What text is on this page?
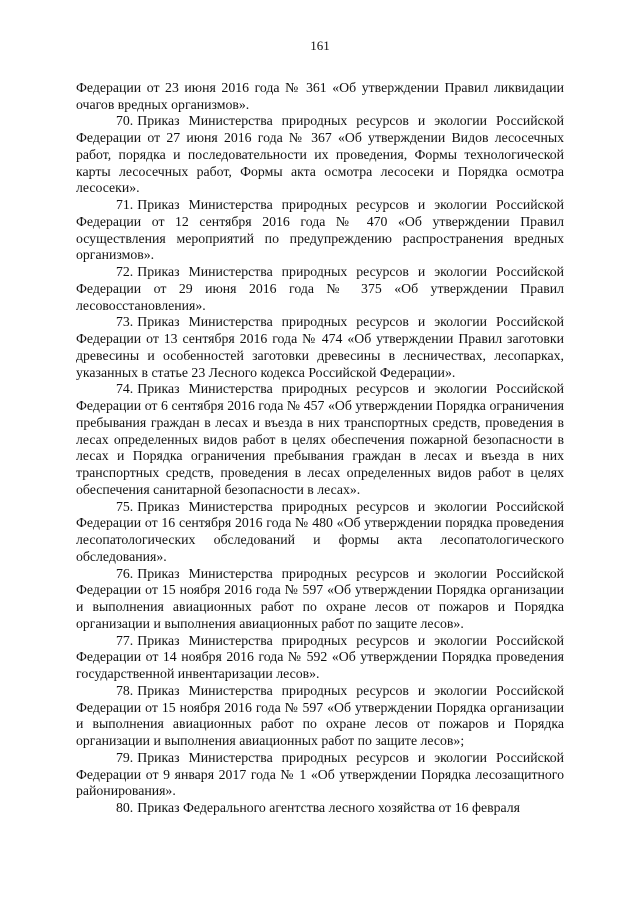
161

Федерации от 23 июня 2016 года № 361 «Об утверждении Правил ликвидации очагов вредных организмов».

70. Приказ Министерства природных ресурсов и экологии Российской Федерации от 27 июня 2016 года № 367 «Об утверждении Видов лесосечных работ, порядка и последовательности их проведения, Формы технологической карты лесосечных работ, Формы акта осмотра лесосеки и Порядка осмотра лесосеки».

71. Приказ Министерства природных ресурсов и экологии Российской Федерации от 12 сентября 2016 года № 470 «Об утверждении Правил осуществления мероприятий по предупреждению распространения вредных организмов».

72. Приказ Министерства природных ресурсов и экологии Российской Федерации от 29 июня 2016 года № 375 «Об утверждении Правил лесовосстановления».

73. Приказ Министерства природных ресурсов и экологии Российской Федерации от 13 сентября 2016 года № 474 «Об утверждении Правил заготовки древесины и особенностей заготовки древесины в лесничествах, лесопарках, указанных в статье 23 Лесного кодекса Российской Федерации».

74. Приказ Министерства природных ресурсов и экологии Российской Федерации от 6 сентября 2016 года № 457 «Об утверждении Порядка ограничения пребывания граждан в лесах и въезда в них транспортных средств, проведения в лесах определенных видов работ в целях обеспечения пожарной безопасности в лесах и Порядка ограничения пребывания граждан в лесах и въезда в них транспортных средств, проведения в лесах определенных видов работ в целях обеспечения санитарной безопасности в лесах».

75. Приказ Министерства природных ресурсов и экологии Российской Федерации от 16 сентября 2016 года № 480 «Об утверждении порядка проведения лесопатологических обследований и формы акта лесопатологического обследования».

76. Приказ Министерства природных ресурсов и экологии Российской Федерации от 15 ноября 2016 года № 597 «Об утверждении Порядка организации и выполнения авиационных работ по охране лесов от пожаров и Порядка организации и выполнения авиационных работ по защите лесов».

77. Приказ Министерства природных ресурсов и экологии Российской Федерации от 14 ноября 2016 года № 592 «Об утверждении Порядка проведения государственной инвентаризации лесов».

78. Приказ Министерства природных ресурсов и экологии Российской Федерации от 15 ноября 2016 года № 597 «Об утверждении Порядка организации и выполнения авиационных работ по охране лесов от пожаров и Порядка организации и выполнения авиационных работ по защите лесов»;

79. Приказ Министерства природных ресурсов и экологии Российской Федерации от 9 января 2017 года № 1 «Об утверждении Порядка лесозащитного районирования».

80. Приказ Федерального агентства лесного хозяйства от 16 февраля
